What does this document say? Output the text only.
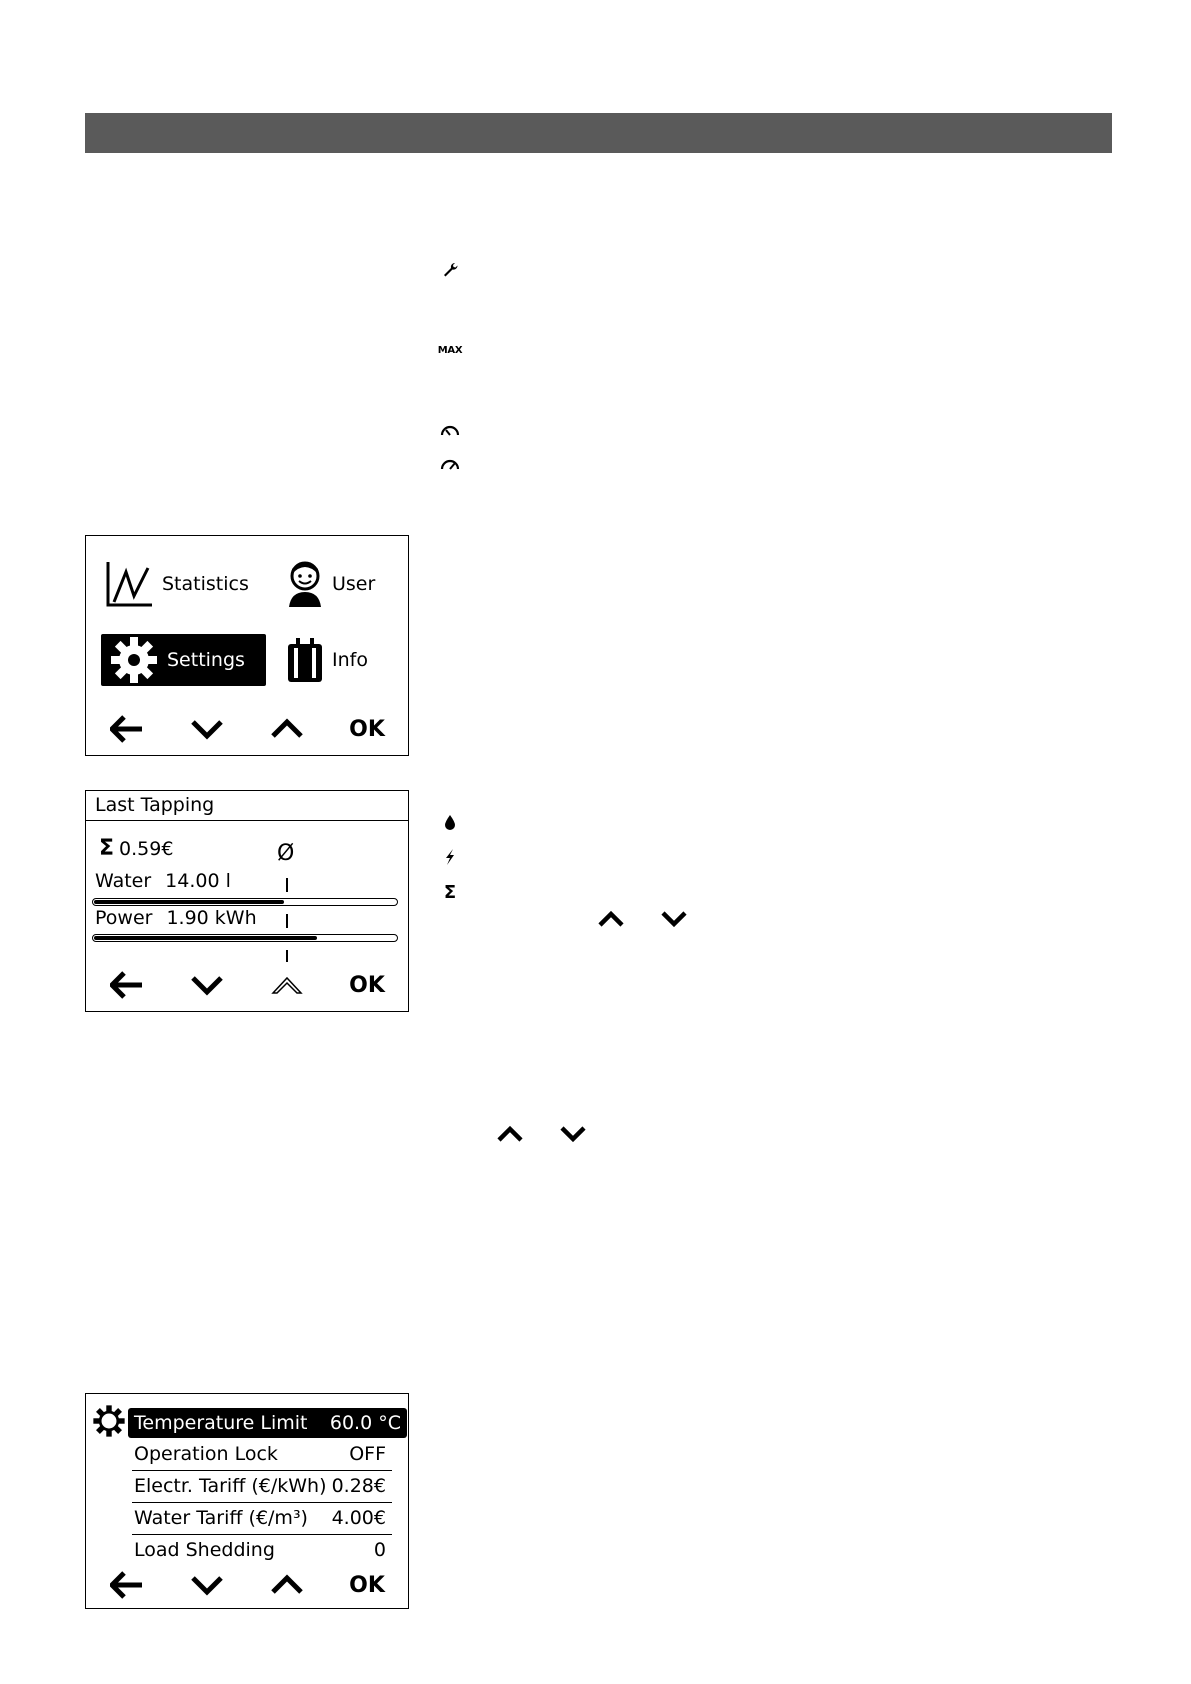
MAX
Statistics	User
Settings	Info
OK
Last Tapping
Σ 0.59€	Ø
Water 14.00 l
Power 1.90 kWh
OK
Σ
Temperature Limit 60.0 °C
Operation Lock	OFF
Electr. Tariff (€/kWh) 0.28€
Water Tariff (€/m³) 4.00€
Load Shedding	0
OK
